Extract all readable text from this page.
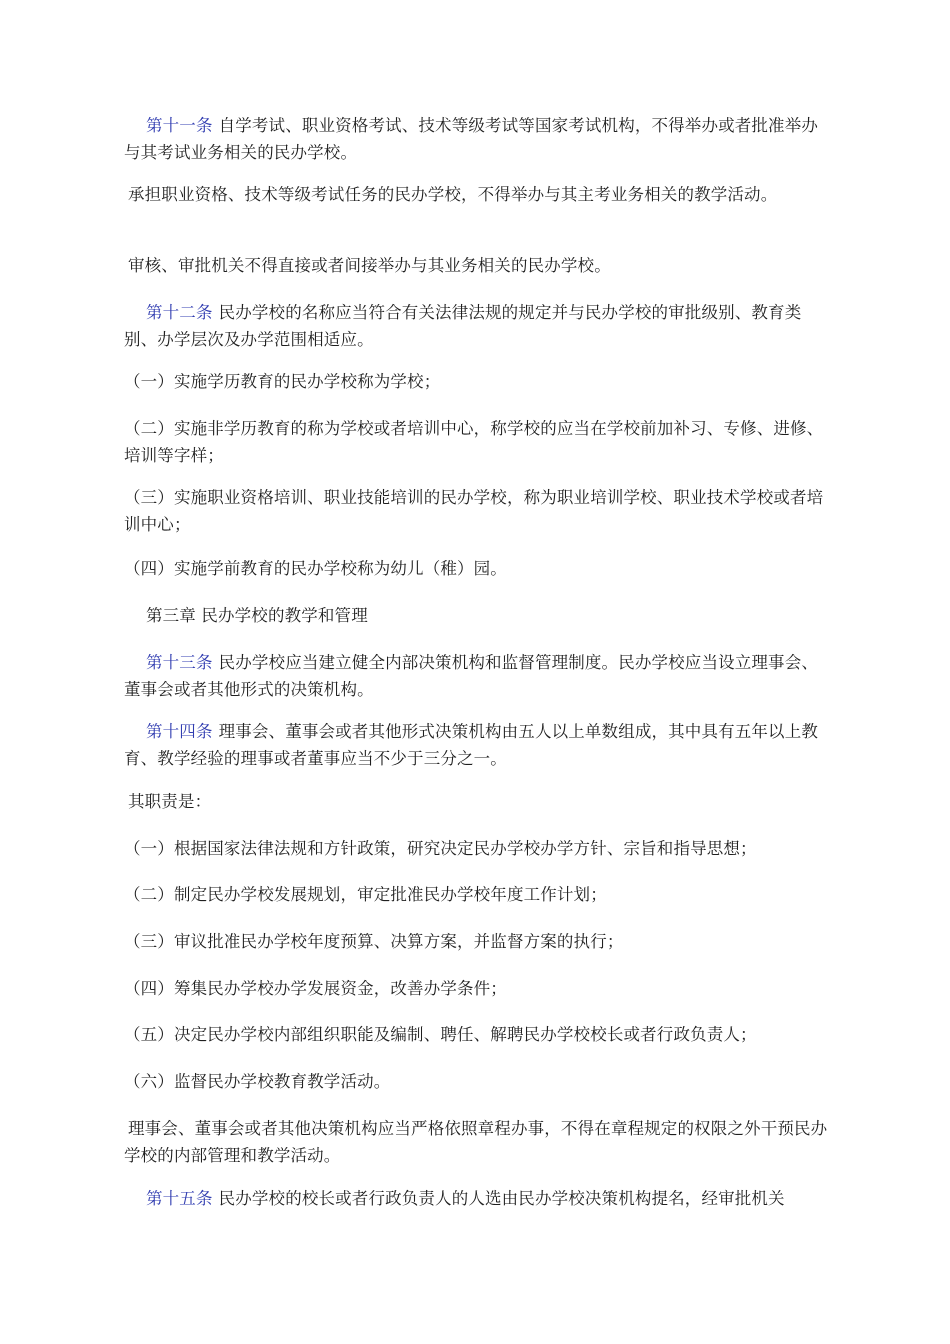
第十一条 自学考试、职业资格考试、技术等级考试等国家考试机构，不得举办或者批准举办与其考试业务相关的民办学校。

承担职业资格、技术等级考试任务的民办学校，不得举办与其主考业务相关的教学活动。

审核、审批机关不得直接或者间接举办与其业务相关的民办学校。

第十二条 民办学校的名称应当符合有关法律法规的规定并与民办学校的审批级别、教育类别、办学层次及办学范围相适应。

（一）实施学历教育的民办学校称为学校；

（二）实施非学历教育的称为学校或者培训中心，称学校的应当在学校前加补习、专修、进修、培训等字样；

（三）实施职业资格培训、职业技能培训的民办学校，称为职业培训学校、职业技术学校或者培训中心；

（四）实施学前教育的民办学校称为幼儿（稚）园。

第三章 民办学校的教学和管理

第十三条 民办学校应当建立健全内部决策机构和监督管理制度。民办学校应当设立理事会、董事会或者其他形式的决策机构。

第十四条 理事会、董事会或者其他形式决策机构由五人以上单数组成，其中具有五年以上教育、教学经验的理事或者董事应当不少于三分之一。

其职责是：

（一）根据国家法律法规和方针政策，研究决定民办学校办学方针、宗旨和指导思想；

（二）制定民办学校发展规划，审定批准民办学校年度工作计划；

（三）审议批准民办学校年度预算、决算方案，并监督方案的执行；

（四）筹集民办学校办学发展资金，改善办学条件；

（五）决定民办学校内部组织职能及编制、聘任、解聘民办学校校长或者行政负责人；

（六）监督民办学校教育教学活动。

理事会、董事会或者其他决策机构应当严格依照章程办事，不得在章程规定的权限之外干预民办学校的内部管理和教学活动。

第十五条 民办学校的校长或者行政负责人的人选由民办学校决策机构提名，经审批机关
